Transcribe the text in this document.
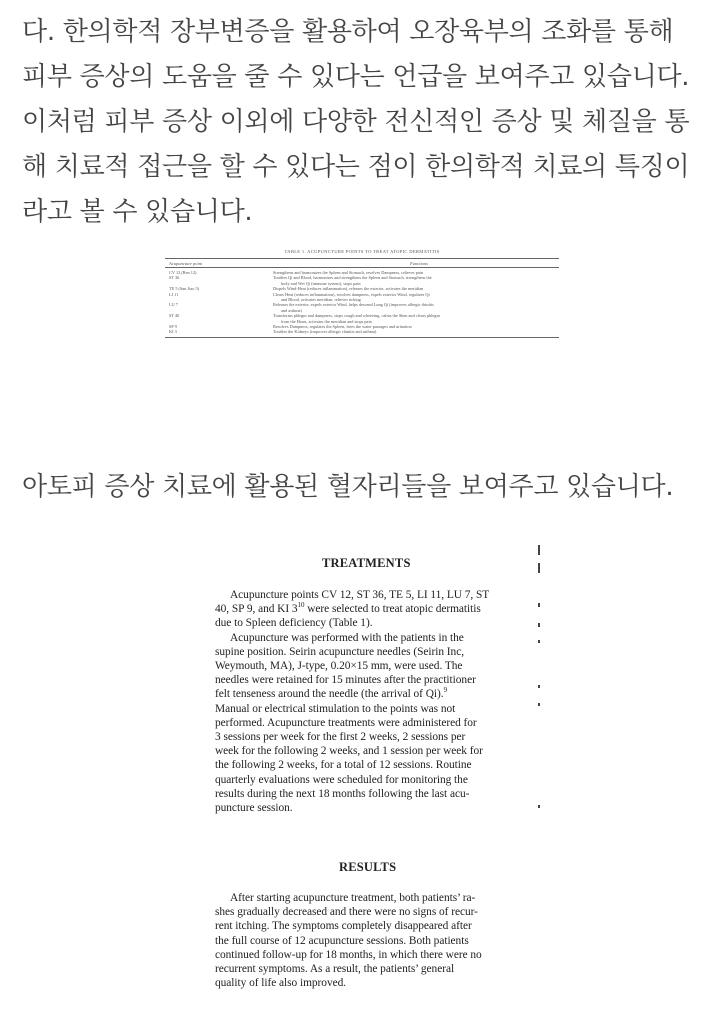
다. 한의학적 장부변증을 활용하여 오장육부의 조화를 통해
피부 증상의 도움을 줄 수 있다는 언급을 보여주고 있습니다.
이처럼 피부 증상 이외에 다양한 전신적인 증상 및 체질을 통
해 치료적 접근을 할 수 있다는 점이 한의학적 치료의 특징이
라고 볼 수 있습니다.
TABLE 1. ACUPUNCTURE POINTS TO TREAT ATOPIC DERMATITIS
Acupuncture point	Functions
CV 12 (Ren 12)	Strengthens and harmonizes the Spleen and Stomach, resolves Dampness, relieves pain
ST 36	Tonifies Qi and Blood, harmonizes and strengthens the Spleen and Stomach, strengthens the
body and Wei Qi (immune system), stops pain
TE 5 (San Jiao 5)	Dispels Wind-Heat (reduces inflammation), releases the exterior, activates the meridian
LI 11	Clears Heat (reduces inflammation), resolves dampness, expels exterior Wind, regulates Qi
and Blood, activates meridian, relieves itching
LU 7	Releases the exterior, expels exterior Wind, helps descend Lung Qi (improves allergic rhinitis
and asthma)
ST 40	Transforms phlegm and dampness, stops cough and wheezing, calms the Shen and clears phlegm
from the Heart, activates the meridian and stops pain
SP 9	Resolves Dampness, regulates the Spleen, frees the water passages and urination
KI 3	Tonifies the Kidneys (improves allergic rhinitis and asthma)
아토피 증상 치료에 활용된 혈자리들을 보여주고 있습니다.
TREATMENTS
Acupuncture points CV 12, ST 36, TE 5, LI 11, LU 7, ST
40, SP 9, and KI $3^{10}$ were selected to treat atopic dermatitis
due to Spleen deficiency (Table 1).
Acupuncture was performed with the patients in the
supine position. Seirin acupuncture needles (Seirin Inc,
Weymouth, MA), J-type, 0.20×15 mm, were used. The
needles were retained for 15 minutes after the practitioner
felt tenseness around the needle (the arrival of Qi).$^9$
Manual or electrical stimulation to the points was not
performed. Acupuncture treatments were administered for
3 sessions per week for the first 2 weeks, 2 sessions per
week for the following 2 weeks, and 1 session per week for
the following 2 weeks, for a total of 12 sessions. Routine
quarterly evaluations were scheduled for monitoring the
results during the next 18 months following the last acu-
puncture session.
RESULTS
After starting acupuncture treatment, both patients’ ra-
shes gradually decreased and there were no signs of recur-
rent itching. The symptoms completely disappeared after
the full course of 12 acupuncture sessions. Both patients
continued follow-up for 18 months, in which there were no
recurrent symptoms. As a result, the patients’ general
quality of life also improved.
